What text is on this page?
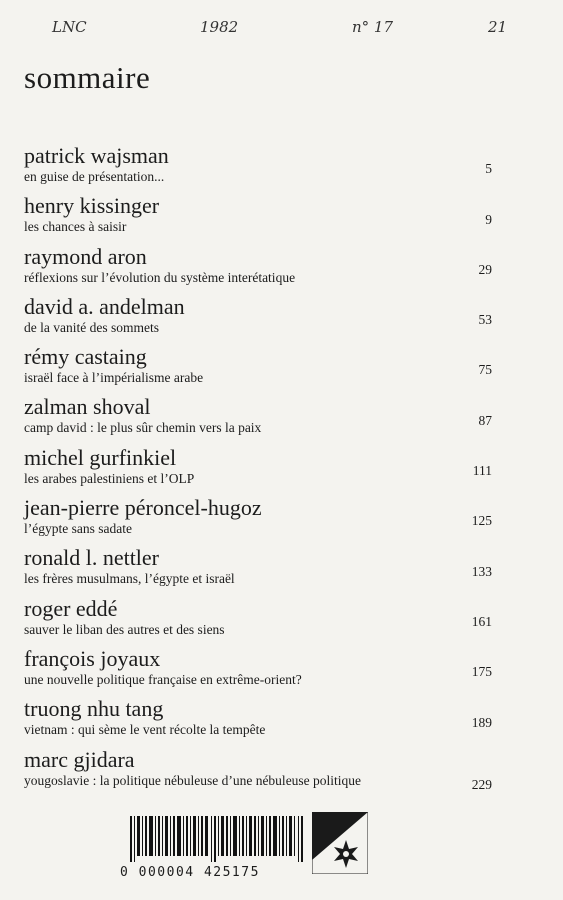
LNC	1982	n° 17	21
sommaire
patrick wajsman
en guise de présentation...
5
henry kissinger
les chances à saisir
9
raymond aron
réflexions sur l’évolution du système interétatique
29
david a. andelman
de la vanité des sommets
53
rémy castaing
israël face à l’impérialisme arabe
75
zalman shoval
camp david : le plus sûr chemin vers la paix
87
michel gurfinkiel
les arabes palestiniens et l’OLP
111
jean-pierre péroncel-hugoz
l’égypte sans sadate
125
ronald l. nettler
les frères musulmans, l’égypte et israël
133
roger eddé
sauver le liban des autres et des siens
161
françois joyaux
une nouvelle politique française en extrême-orient?
175
truong nhu tang
vietnam : qui sème le vent récolte la tempête
189
marc gjidara
yougoslavie : la politique nébuleuse d’une nébuleuse politique	229
0 000004 425175
